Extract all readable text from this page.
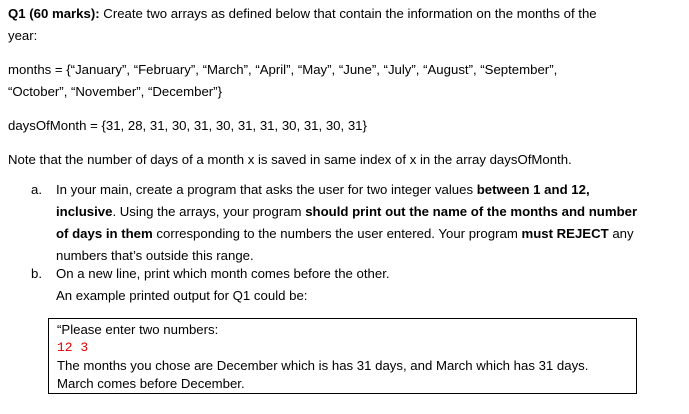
Q1 (60 marks): Create two arrays as defined below that contain the information on the months of the
year:
months = {“January”, “February”, “March”, “April”, “May”, “June”, “July”, “August”, “September”,
“October”, “November”, “December”}
daysOfMonth = {31, 28, 31, 30, 31, 30, 31, 31, 30, 31, 30, 31}
Note that the number of days of a month x is saved in same index of x in the array daysOfMonth.
a.	In your main, create a program that asks the user for two integer values between 1 and 12,
inclusive. Using the arrays, your program should print out the name of the months and number
of days in them corresponding to the numbers the user entered. Your program must REJECT any
numbers that’s outside this range.
b.	On a new line, print which month comes before the other.
An example printed output for Q1 could be:
“Please enter two numbers:
12 3
The months you chose are December which is has 31 days, and March which has 31 days.
March comes before December.
